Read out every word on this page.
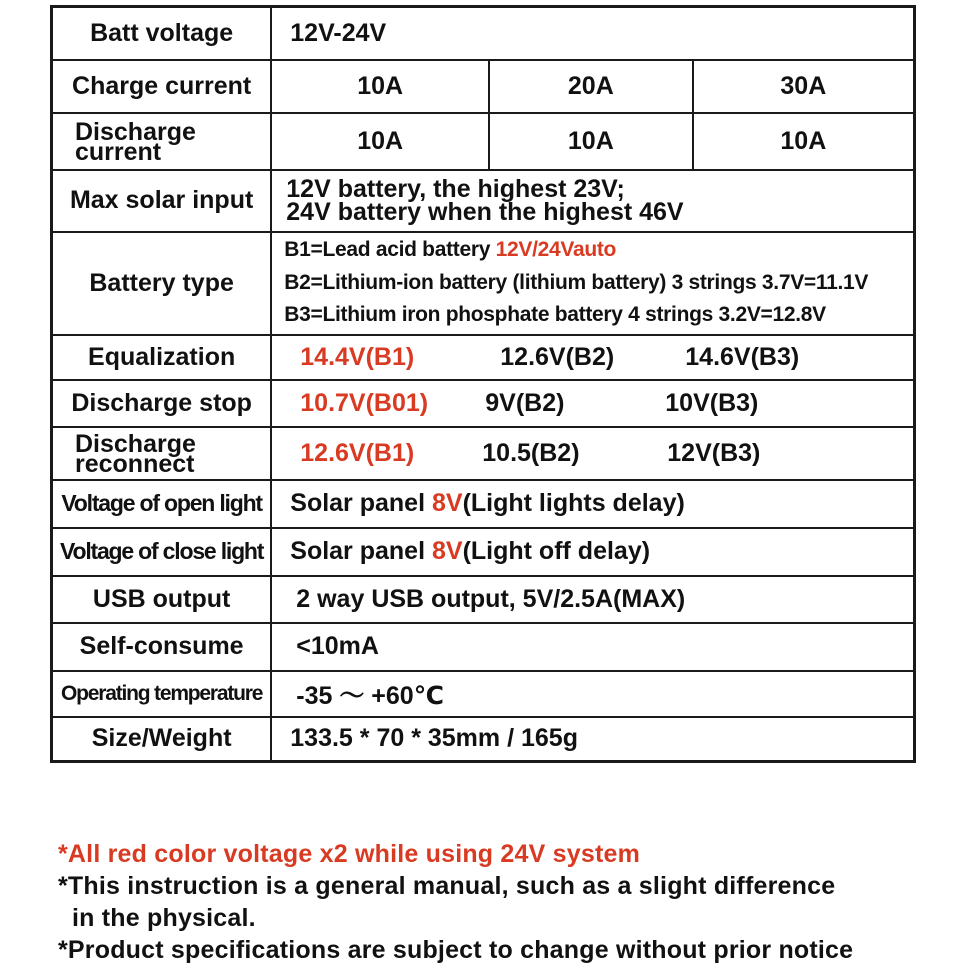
Batt voltage	12V-24V		
Charge current	10A	20A	30A

Discharge
current	10A	10A	10A
Max solar input	12V battery, the highest 23V;
24V battery when the highest 46V		

Battery type	B1=Lead acid battery 12V/24Vauto
B2=Lithium-ion battery (lithium battery) 3 strings 3.7V=11.1V
B3=Lithium iron phosphate battery 4 strings 3.2V=12.8V		

Equalization	14.4V(B1) 12.6V(B2) 14.6V(B3)		

Discharge stop	10.7V(B01) 9V(B2) 10V(B3)		

Discharge
reconnect	12.6V(B1) 10.5(B2) 12V(B3)		

Voltage of open light	Solar panel 8V(Light lights delay)		
Voltage of close light	Solar panel 8V(Light off delay)		
USB output	2 way USB output, 5V/2.5A(MAX)		
Self-consume	<10mA		
Operating temperature	-35 ～ +60℃		
Size/Weight	133.5 * 70 * 35mm / 165g		
*All red color voltage x2 while using 24V system
*This instruction is a general manual, such as a slight difference
in the physical.
*Product specifications are subject to change without prior notice
